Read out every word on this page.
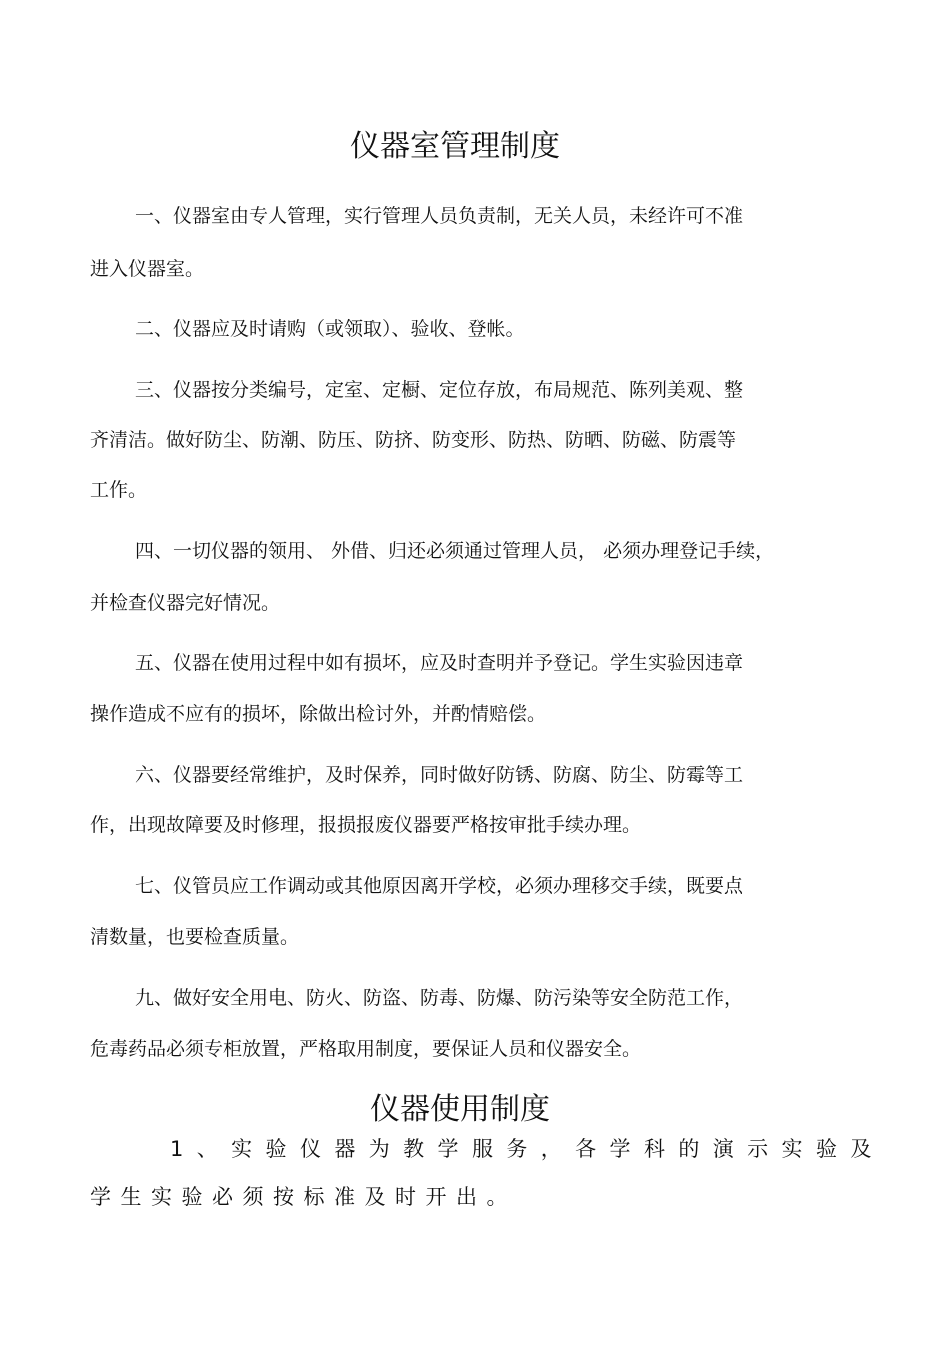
仪器室管理制度

一、仪器室由专人管理，实行管理人员负责制，无关人员，未经许可不准

进入仪器室。

二、仪器应及时请购（或领取）、验收、登帐。

三、仪器按分类编号，定室、定橱、定位存放，布局规范、陈列美观、整

齐清洁。做好防尘、防潮、防压、防挤、防变形、防热、防晒、防磁、防震等

工作。

四、一切仪器的领用、 外借、归还必须通过管理人员， 必须办理登记手续，

并检查仪器完好情况。

五、仪器在使用过程中如有损坏，应及时查明并予登记。学生实验因违章

操作造成不应有的损坏，除做出检讨外，并酌情赔偿。

六、仪器要经常维护，及时保养，同时做好防锈、防腐、防尘、防霉等工

作，出现故障要及时修理，报损报废仪器要严格按审批手续办理。

七、仪管员应工作调动或其他原因离开学校，必须办理移交手续，既要点

清数量，也要检查质量。

九、做好安全用电、防火、防盗、防毒、防爆、防污染等安全防范工作，

危毒药品必须专柜放置，严格取用制度，要保证人员和仪器安全。

仪器使用制度

1、实验仪器为教学服务，各学科的演示实验及

学生实验必须按标准及时开出。
